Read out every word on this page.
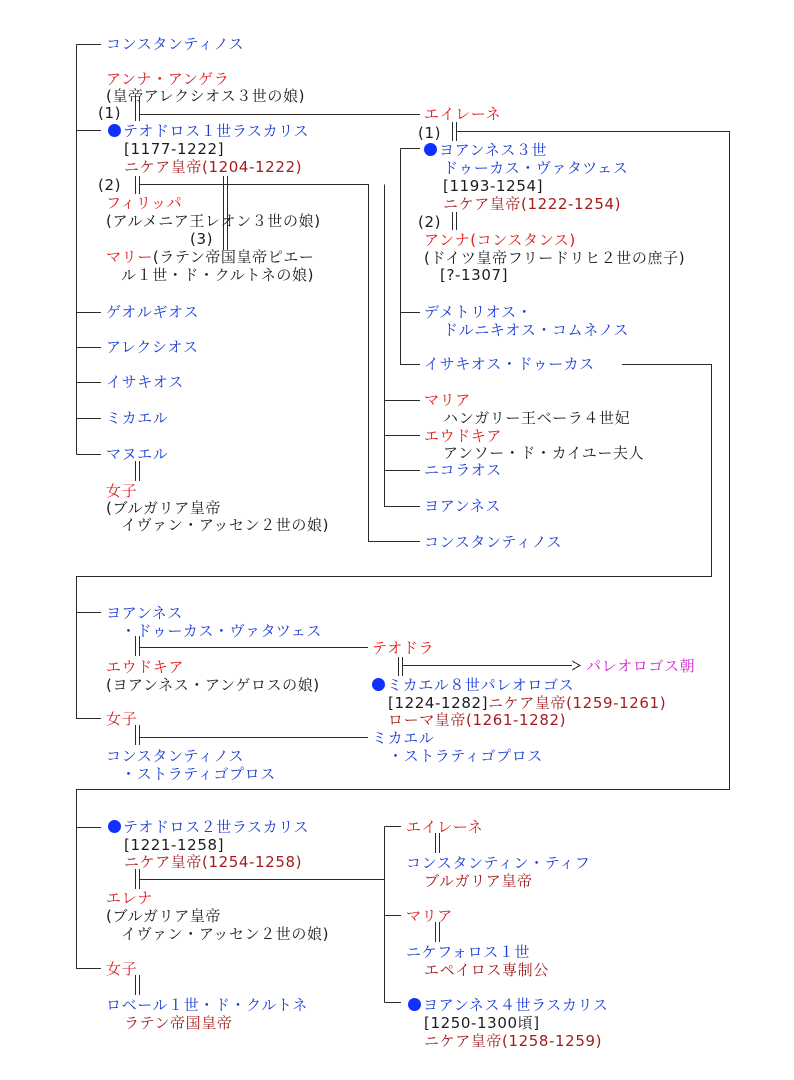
コンスタンティノス
アンナ・アンゲラ
(皇帝アレクシオス３世の娘)
(1)
テオドロス１世ラスカリス
[1177-1222]
ニケア皇帝(1204-1222)
(2)
フィリッパ
(アルメニア王レオン３世の娘)
(3)
マリー(ラテン帝国皇帝ピエー
ル１世・ド・クルトネの娘)
ゲオルギオス
アレクシオス
イサキオス
ミカエル
マヌエル
女子
(ブルガリア皇帝
イヴァン・アッセン２世の娘)
エイレーネ
(1)
ヨアンネス３世
ドゥーカス・ヴァタツェス
[1193-1254]
ニケア皇帝(1222-1254)
(2)
アンナ(コンスタンス)
(ドイツ皇帝フリードリヒ２世の庶子)
[?-1307]
デメトリオス・
ドルニキオス・コムネノス
イサキオス・ドゥーカス
マリア
ハンガリー王ベーラ４世妃
エウドキア
アンソー・ド・カイユー夫人
ニコラオス
ヨアンネス
コンスタンティノス
ヨアンネス
・ドゥーカス・ヴァタツェス
エウドキア
(ヨアンネス・アンゲロスの娘)
テオドラ
パレオロゴス朝
ミカエル８世パレオロゴス
[1224-1282]ニケア皇帝(1259-1261)
ローマ皇帝(1261-1282)
女子
コンスタンティノス
・ストラティゴプロス
ミカエル
・ストラティゴプロス
テオドロス２世ラスカリス
[1221-1258]
ニケア皇帝(1254-1258)
エレナ
(ブルガリア皇帝
イヴァン・アッセン２世の娘)
女子
ロベール１世・ド・クルトネ
ラテン帝国皇帝
エイレーネ
コンスタンティン・ティフ
ブルガリア皇帝
マリア
ニケフォロス１世
エペイロス専制公
ヨアンネス４世ラスカリス
[1250-1300頃]
ニケア皇帝(1258-1259)
